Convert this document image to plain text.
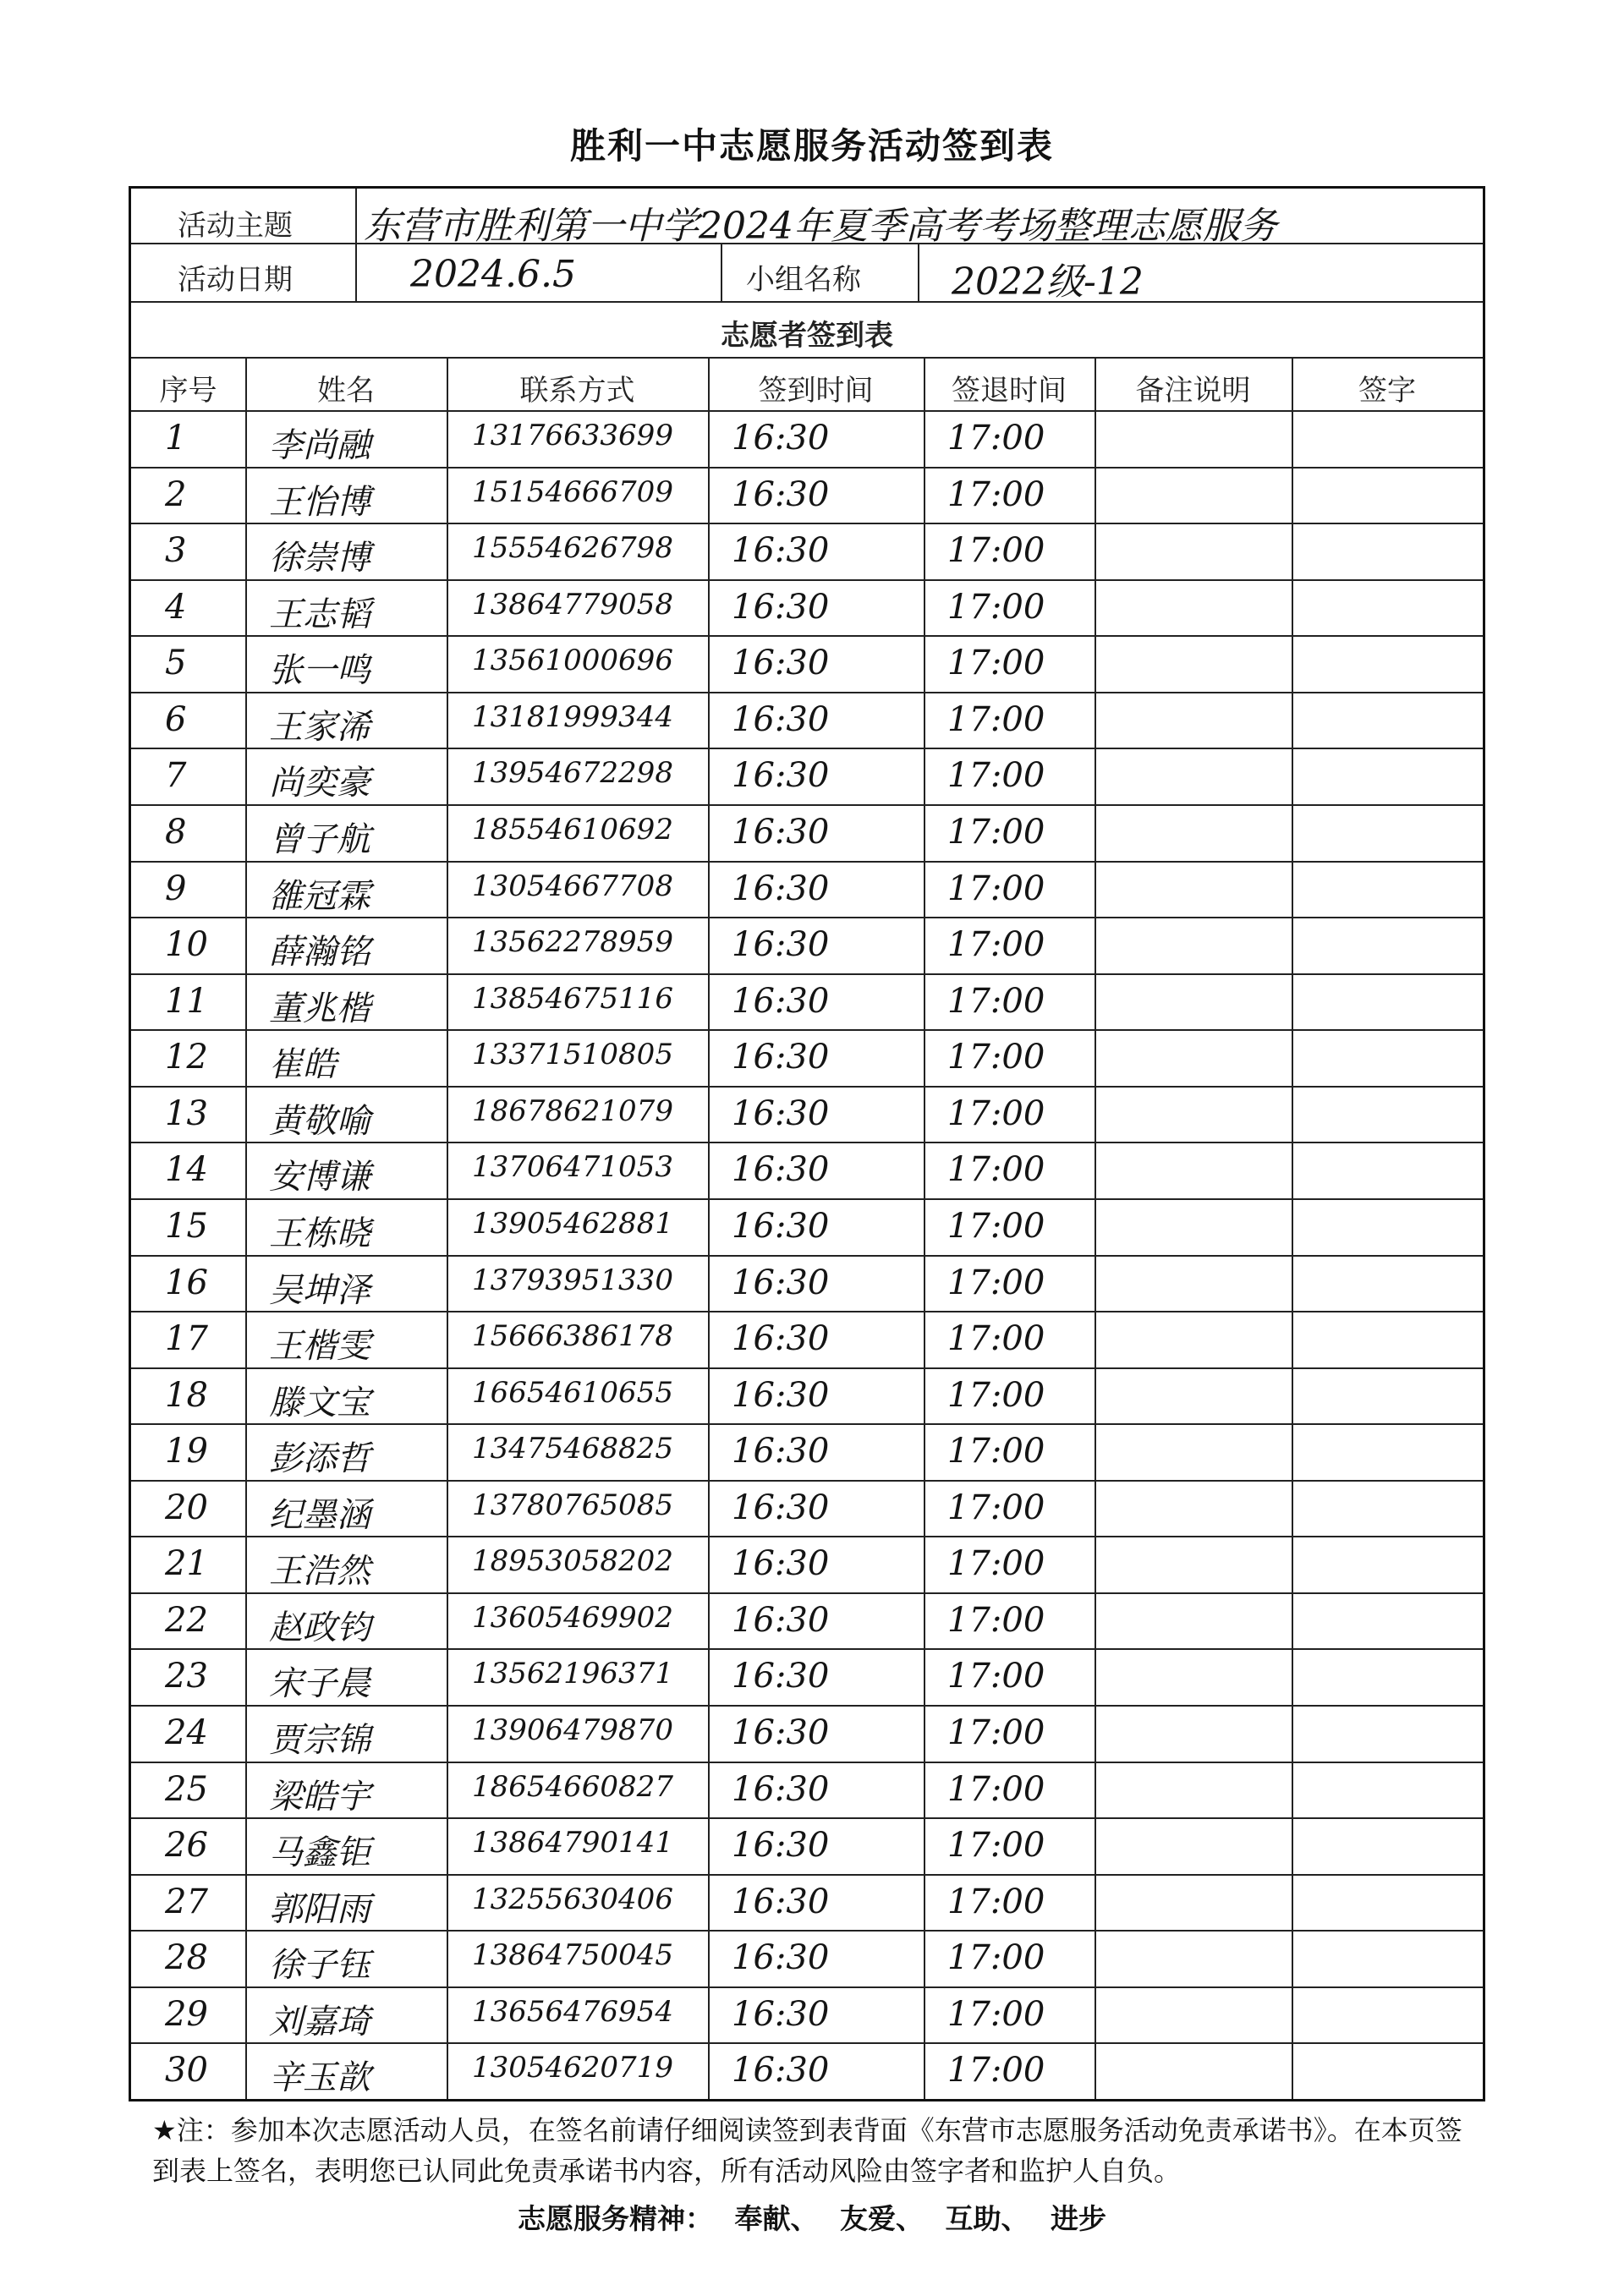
胜利一中志愿服务活动签到表
活动主题 东营市胜利第一中学2024年夏季高考考场整理志愿服务
活动日期	2024.6.5	小组名称 2022级-12
志愿者签到表
序号	姓名	联系方式	签到时间	签退时间	备注说明	签字
1 李尚融	13176633699 16:30	17:00
2 王怡博	15154666709 16:30	17:00
3 徐崇博	15554626798 16:30	17:00
4 王志韬	13864779058 16:30	17:00
5 张一鸣	13561000696 16:30	17:00
6 王家浠	13181999344 16:30	17:00
7 尚奕豪	13954672298 16:30	17:00
8 曾子航	18554610692 16:30	17:00
9 雒冠霖	13054667708 16:30	17:00
10 薛瀚铭	13562278959 16:30	17:00
11 董兆楷	13854675116 16:30	17:00
12 崔皓	13371510805 16:30	17:00
13 黄敬喻	18678621079 16:30	17:00
14 安博谦	13706471053 16:30	17:00
15 王栋晓	13905462881 16:30	17:00
16 吴坤泽	13793951330 16:30	17:00
17 王楷雯	15666386178 16:30	17:00
18 滕文宝	16654610655 16:30	17:00
19 彭添哲	13475468825 16:30	17:00
20 纪墨涵	13780765085 16:30	17:00
21 王浩然	18953058202 16:30	17:00
22 赵政钧	13605469902 16:30	17:00
23 宋子晨	13562196371 16:30	17:00
24 贾宗锦	13906479870 16:30	17:00
25 梁皓宇	18654660827 16:30	17:00
26 马鑫钜	13864790141 16:30	17:00
27 郭阳雨	13255630406 16:30	17:00
28 徐子钰	13864750045 16:30	17:00
29 刘嘉琦	13656476954 16:30	17:00
30 辛玉歆	13054620719 16:30	17:00
★注：参加本次志愿活动人员，在签名前请仔细阅读签到表背面《东营市志愿服务活动免责承诺书》。在本页签到表上签名，表明您已认同此免责承诺书内容，所有活动风险由签字者和监护人自负。
志愿服务精神： 奉献、 友爱、 互助、 进步
